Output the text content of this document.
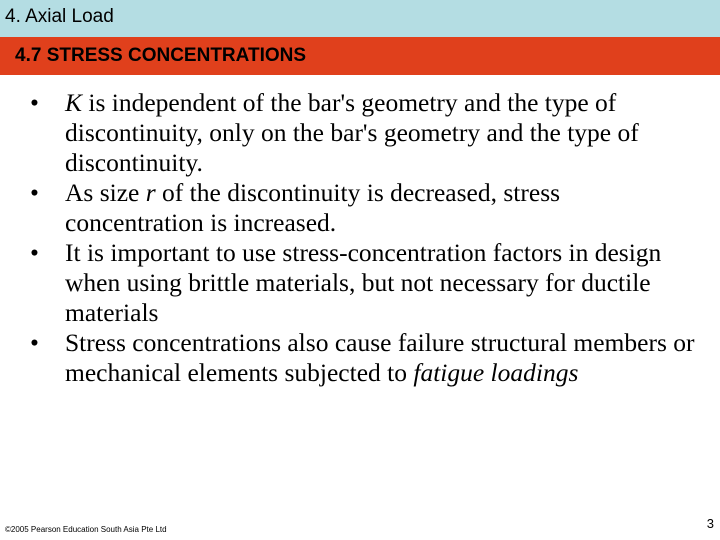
4. Axial Load
4.7 STRESS CONCENTRATIONS
• K is independent of the bar's geometry and the type of discontinuity, only on the bar's geometry and the type of discontinuity.
• As size r of the discontinuity is decreased, stress concentration is increased.
• It is important to use stress-concentration factors in design when using brittle materials, but not necessary for ductile materials
• Stress concentrations also cause failure structural members or mechanical elements subjected to fatigue loadings
©2005 Pearson Education South Asia Pte Ltd	3
